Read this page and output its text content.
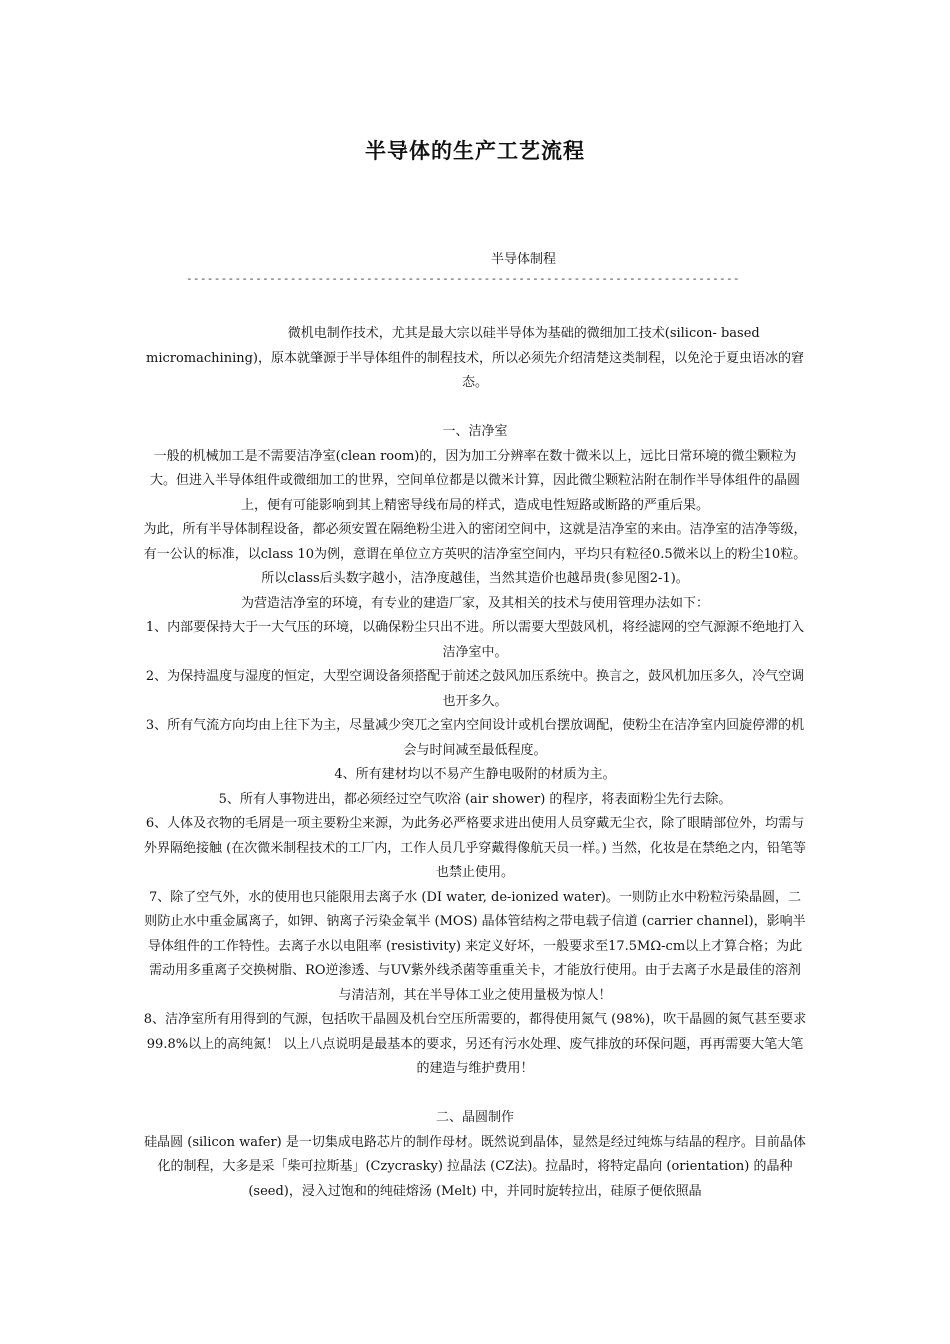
半导体的生产工艺流程
半导体制程
--------------------------------------------------------------------------------

微机电制作技术，尤其是最大宗以硅半导体为基础的微细加工技术(silicon- based micromachining)，原本就肇源于半导体组件的制程技术，所以必须先介绍清楚这类制程，以免沦于夏虫语冰的窘态。

一、洁净室

一般的机械加工是不需要洁净室(clean room)的，因为加工分辨率在数十微米以上，远比日常环境的微尘颗粒为大。但进入半导体组件或微细加工的世界，空间单位都是以微米计算，因此微尘颗粒沾附在制作半导体组件的晶圆上，便有可能影响到其上精密导线布局的样式，造成电性短路或断路的严重后果。

为此，所有半导体制程设备，都必须安置在隔绝粉尘进入的密闭空间中，这就是洁净室的来由。洁净室的洁净等级，有一公认的标准，以class 10为例，意谓在单位立方英呎的洁净室空间内，平均只有粒径0.5微米以上的粉尘10粒。所以class后头数字越小，洁净度越佳，当然其造价也越昂贵(参见图2-1)。

为营造洁净室的环境，有专业的建造厂家，及其相关的技术与使用管理办法如下：

1、内部要保持大于一大气压的环境，以确保粉尘只出不进。所以需要大型鼓风机，将经滤网的空气源源不绝地打入洁净室中。

2、为保持温度与湿度的恒定，大型空调设备须搭配于前述之鼓风加压系统中。换言之，鼓风机加压多久，冷气空调也开多久。

3、所有气流方向均由上往下为主，尽量减少突兀之室内空间设计或机台摆放调配，使粉尘在洁净室内回旋停滞的机会与时间减至最低程度。

4、所有建材均以不易产生静电吸附的材质为主。

5、所有人事物进出，都必须经过空气吹浴 (air shower) 的程序，将表面粉尘先行去除。

6、人体及衣物的毛屑是一项主要粉尘来源，为此务必严格要求进出使用人员穿戴无尘衣，除了眼睛部位外，均需与外界隔绝接触 (在次微米制程技术的工厂内，工作人员几乎穿戴得像航天员一样。) 当然，化妆是在禁绝之内，铅笔等也禁止使用。

7、除了空气外，水的使用也只能限用去离子水 (DI water, de-ionized water)。一则防止水中粉粒污染晶圆，二则防止水中重金属离子，如钾、钠离子污染金氧半 (MOS) 晶体管结构之带电载子信道 (carrier channel)，影响半导体组件的工作特性。去离子水以电阻率 (resistivity) 来定义好坏，一般要求至17.5MΩ-cm以上才算合格；为此需动用多重离子交换树脂、RO逆渗透、与UV紫外线杀菌等重重关卡，才能放行使用。由于去离子水是最佳的溶剂与清洁剂，其在半导体工业之使用量极为惊人！

8、洁净室所有用得到的气源，包括吹干晶圆及机台空压所需要的，都得使用氮气 (98%)，吹干晶圆的氮气甚至要求99.8%以上的高纯氮！ 以上八点说明是最基本的要求，另还有污水处理、废气排放的环保问题，再再需要大笔大笔的建造与维护费用！

二、晶圆制作

硅晶圆 (silicon wafer) 是一切集成电路芯片的制作母材。既然说到晶体，显然是经过纯炼与结晶的程序。目前晶体化的制程，大多是采「柴可拉斯基」(Czycrasky) 拉晶法 (CZ法)。拉晶时，将特定晶向 (orientation) 的晶种 (seed)，浸入过饱和的纯硅熔汤 (Melt) 中，并同时旋转拉出，硅原子便依照晶
